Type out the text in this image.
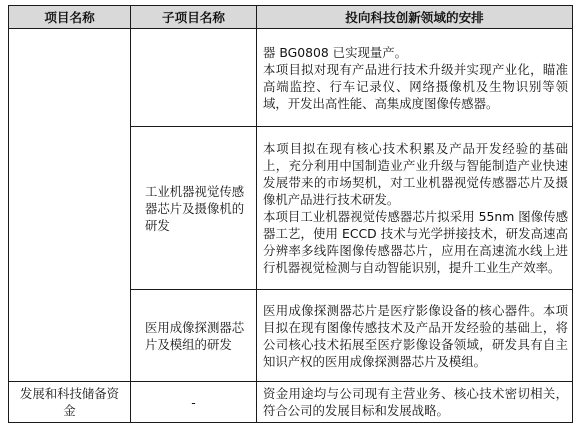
项目名称	子项目名称	投向科技创新领域的安排

		器 BG0808 已实现量产。
本项目拟对现有产品进行技术升级并实现产业化，瞄准高端监控、行车记录仪、网络摄像机及生物识别等领域，开发出高性能、高集成度图像传感器。

	工业机器视觉传感器芯片及摄像机的研发	本项目拟在现有核心技术积累及产品开发经验的基础上，充分利用中国制造业产业升级与智能制造产业快速发展带来的市场契机，对工业机器视觉传感器芯片及摄像机产品进行技术研发。
本项目工业机器视觉传感器芯片拟采用 55nm 图像传感器工艺，使用 ECCD 技术与光学拼接技术，研发高速高分辨率多线阵图像传感器芯片，应用在高速流水线上进行机器视觉检测与自动智能识别，提升工业生产效率。

	医用成像探测器芯片及模组的研发	医用成像探测器芯片是医疗影像设备的核心器件。本项目拟在现有图像传感技术及产品开发经验的基础上，将公司核心技术拓展至医疗影像设备领域，研发具有自主知识产权的医用成像探测器芯片及模组。

发展和科技储备资金	-	资金用途均与公司现有主营业务、核心技术密切相关，符合公司的发展目标和发展战略。
